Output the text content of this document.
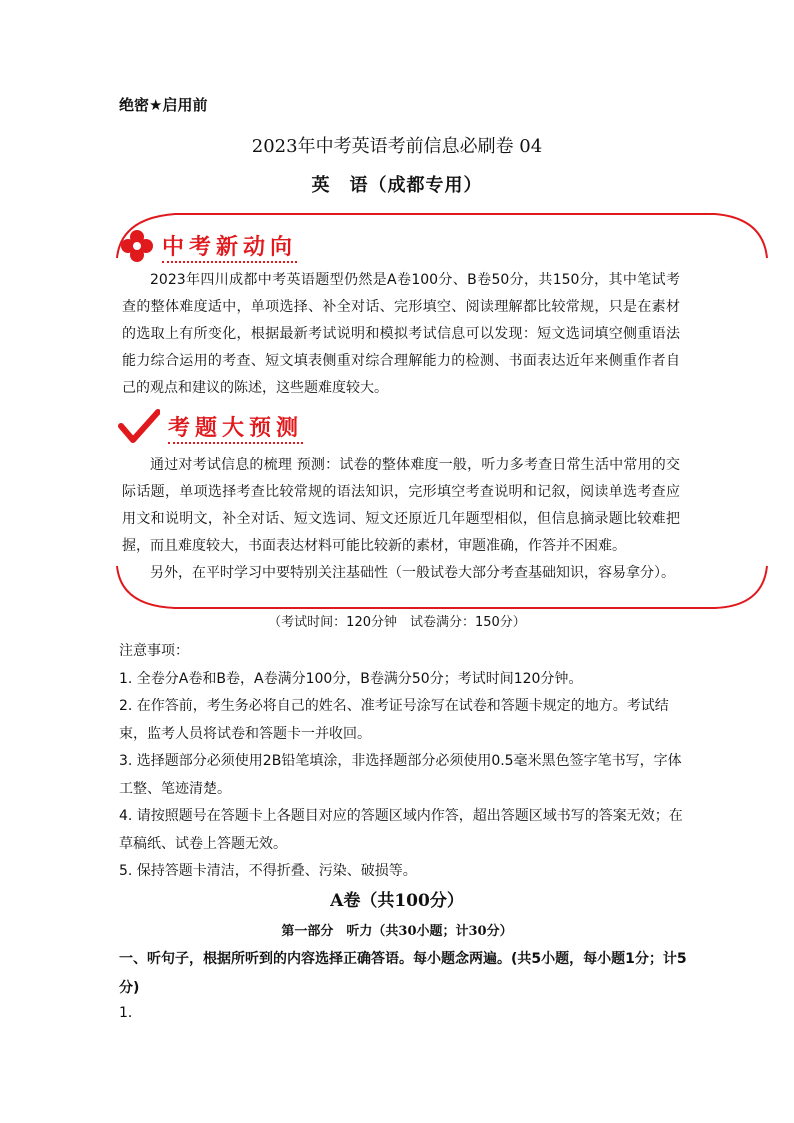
绝密★启用前
2023年中考英语考前信息必刷卷 04
英　语（成都专用）
中考新动向
2023年四川成都中考英语题型仍然是A卷100分、B卷50分，共150分，其中笔试考查的整体难度适中，单项选择、补全对话、完形填空、阅读理解都比较常规，只是在素材的选取上有所变化，根据最新考试说明和模拟考试信息可以发现：短文选词填空侧重语法能力综合运用的考查、短文填表侧重对综合理解能力的检测、书面表达近年来侧重作者自己的观点和建议的陈述，这些题难度较大。
考题大预测
通过对考试信息的梳理 预测：试卷的整体难度一般，听力多考查日常生活中常用的交际话题，单项选择考查比较常规的语法知识，完形填空考查说明和记叙，阅读单选考查应用文和说明文，补全对话、短文选词、短文还原近几年题型相似，但信息摘录题比较难把握，而且难度较大，书面表达材料可能比较新的素材，审题准确，作答并不困难。
另外，在平时学习中要特别关注基础性（一般试卷大部分考查基础知识，容易拿分）。
（考试时间：120分钟　试卷满分：150分）
注意事项：
1. 全卷分A卷和B卷，A卷满分100分，B卷满分50分；考试时间120分钟。
2. 在作答前，考生务必将自己的姓名、准考证号涂写在试卷和答题卡规定的地方。考试结束，监考人员将试卷和答题卡一并收回。
3. 选择题部分必须使用2B铅笔填涂，非选择题部分必须使用0.5毫米黑色签字笔书写，字体工整、笔迹清楚。
4. 请按照题号在答题卡上各题目对应的答题区域内作答，超出答题区域书写的答案无效；在草稿纸、试卷上答题无效。
5. 保持答题卡清洁，不得折叠、污染、破损等。
A卷（共100分）
第一部分　听力（共30小题；计30分）
一、听句子，根据所听到的内容选择正确答语。每小题念两遍。(共5小题，每小题1分；计5分)
1．
